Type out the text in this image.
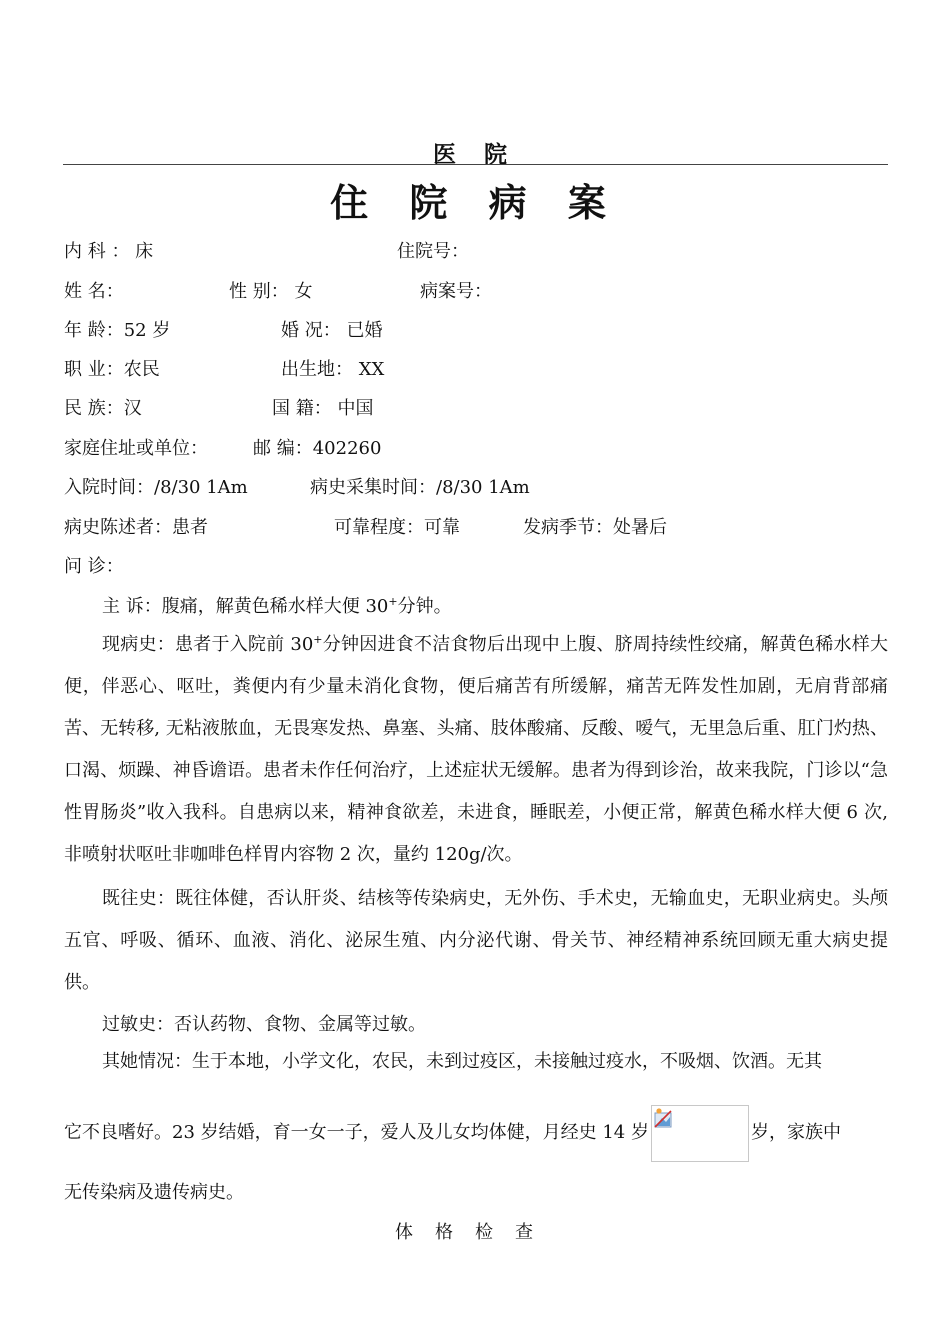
医 院
住 院 病 案
内 科 ： 床	住院号：
姓 名：	性 别： 女	病案号：
年 龄：52 岁	婚 况： 已婚
职 业：农民	出生地： XX
民 族：汉	国 籍： 中国
家庭住址或单位：	邮 编：402260
入院时间：/8/30 1Am	病史采集时间：/8/30 1Am
病史陈述者：患者	可靠程度：可靠	发病季节：处暑后
问 诊：
主 诉：腹痛，解黄色稀水样大便 30+分钟。
现病史：患者于入院前 30+分钟因进食不洁食物后出现中上腹、脐周持续性绞痛，解黄色稀水样大便，伴恶心、呕吐，粪便内有少量未消化食物，便后痛苦有所缓解，痛苦无阵发性加剧，无肩背部痛苦、无转移, 无粘液脓血，无畏寒发热、鼻塞、头痛、肢体酸痛、反酸、嗳气，无里急后重、肛门灼热、口渴、烦躁、神昏谵语。患者未作任何治疗，上述症状无缓解。患者为得到诊治，故来我院，门诊以“急性胃肠炎”收入我科。自患病以来，精神食欲差，未进食，睡眠差，小便正常，解黄色稀水样大便 6 次, 非喷射状呕吐非咖啡色样胃内容物 2 次，量约 120g/次。
既往史：既往体健，否认肝炎、结核等传染病史，无外伤、手术史，无输血史，无职业病史。头颅五官、呼吸、循环、血液、消化、泌尿生殖、内分泌代谢、骨关节、神经精神系统回顾无重大病史提供。
过敏史：否认药物、食物、金属等过敏。
其她情况：生于本地，小学文化，农民，未到过疫区，未接触过疫水，不吸烟、饮酒。无其
它不良嗜好。23 岁结婚，育一女一子，爱人及儿女均体健，月经史 14 岁	岁，家族中
无传染病及遗传病史。
体格检查
